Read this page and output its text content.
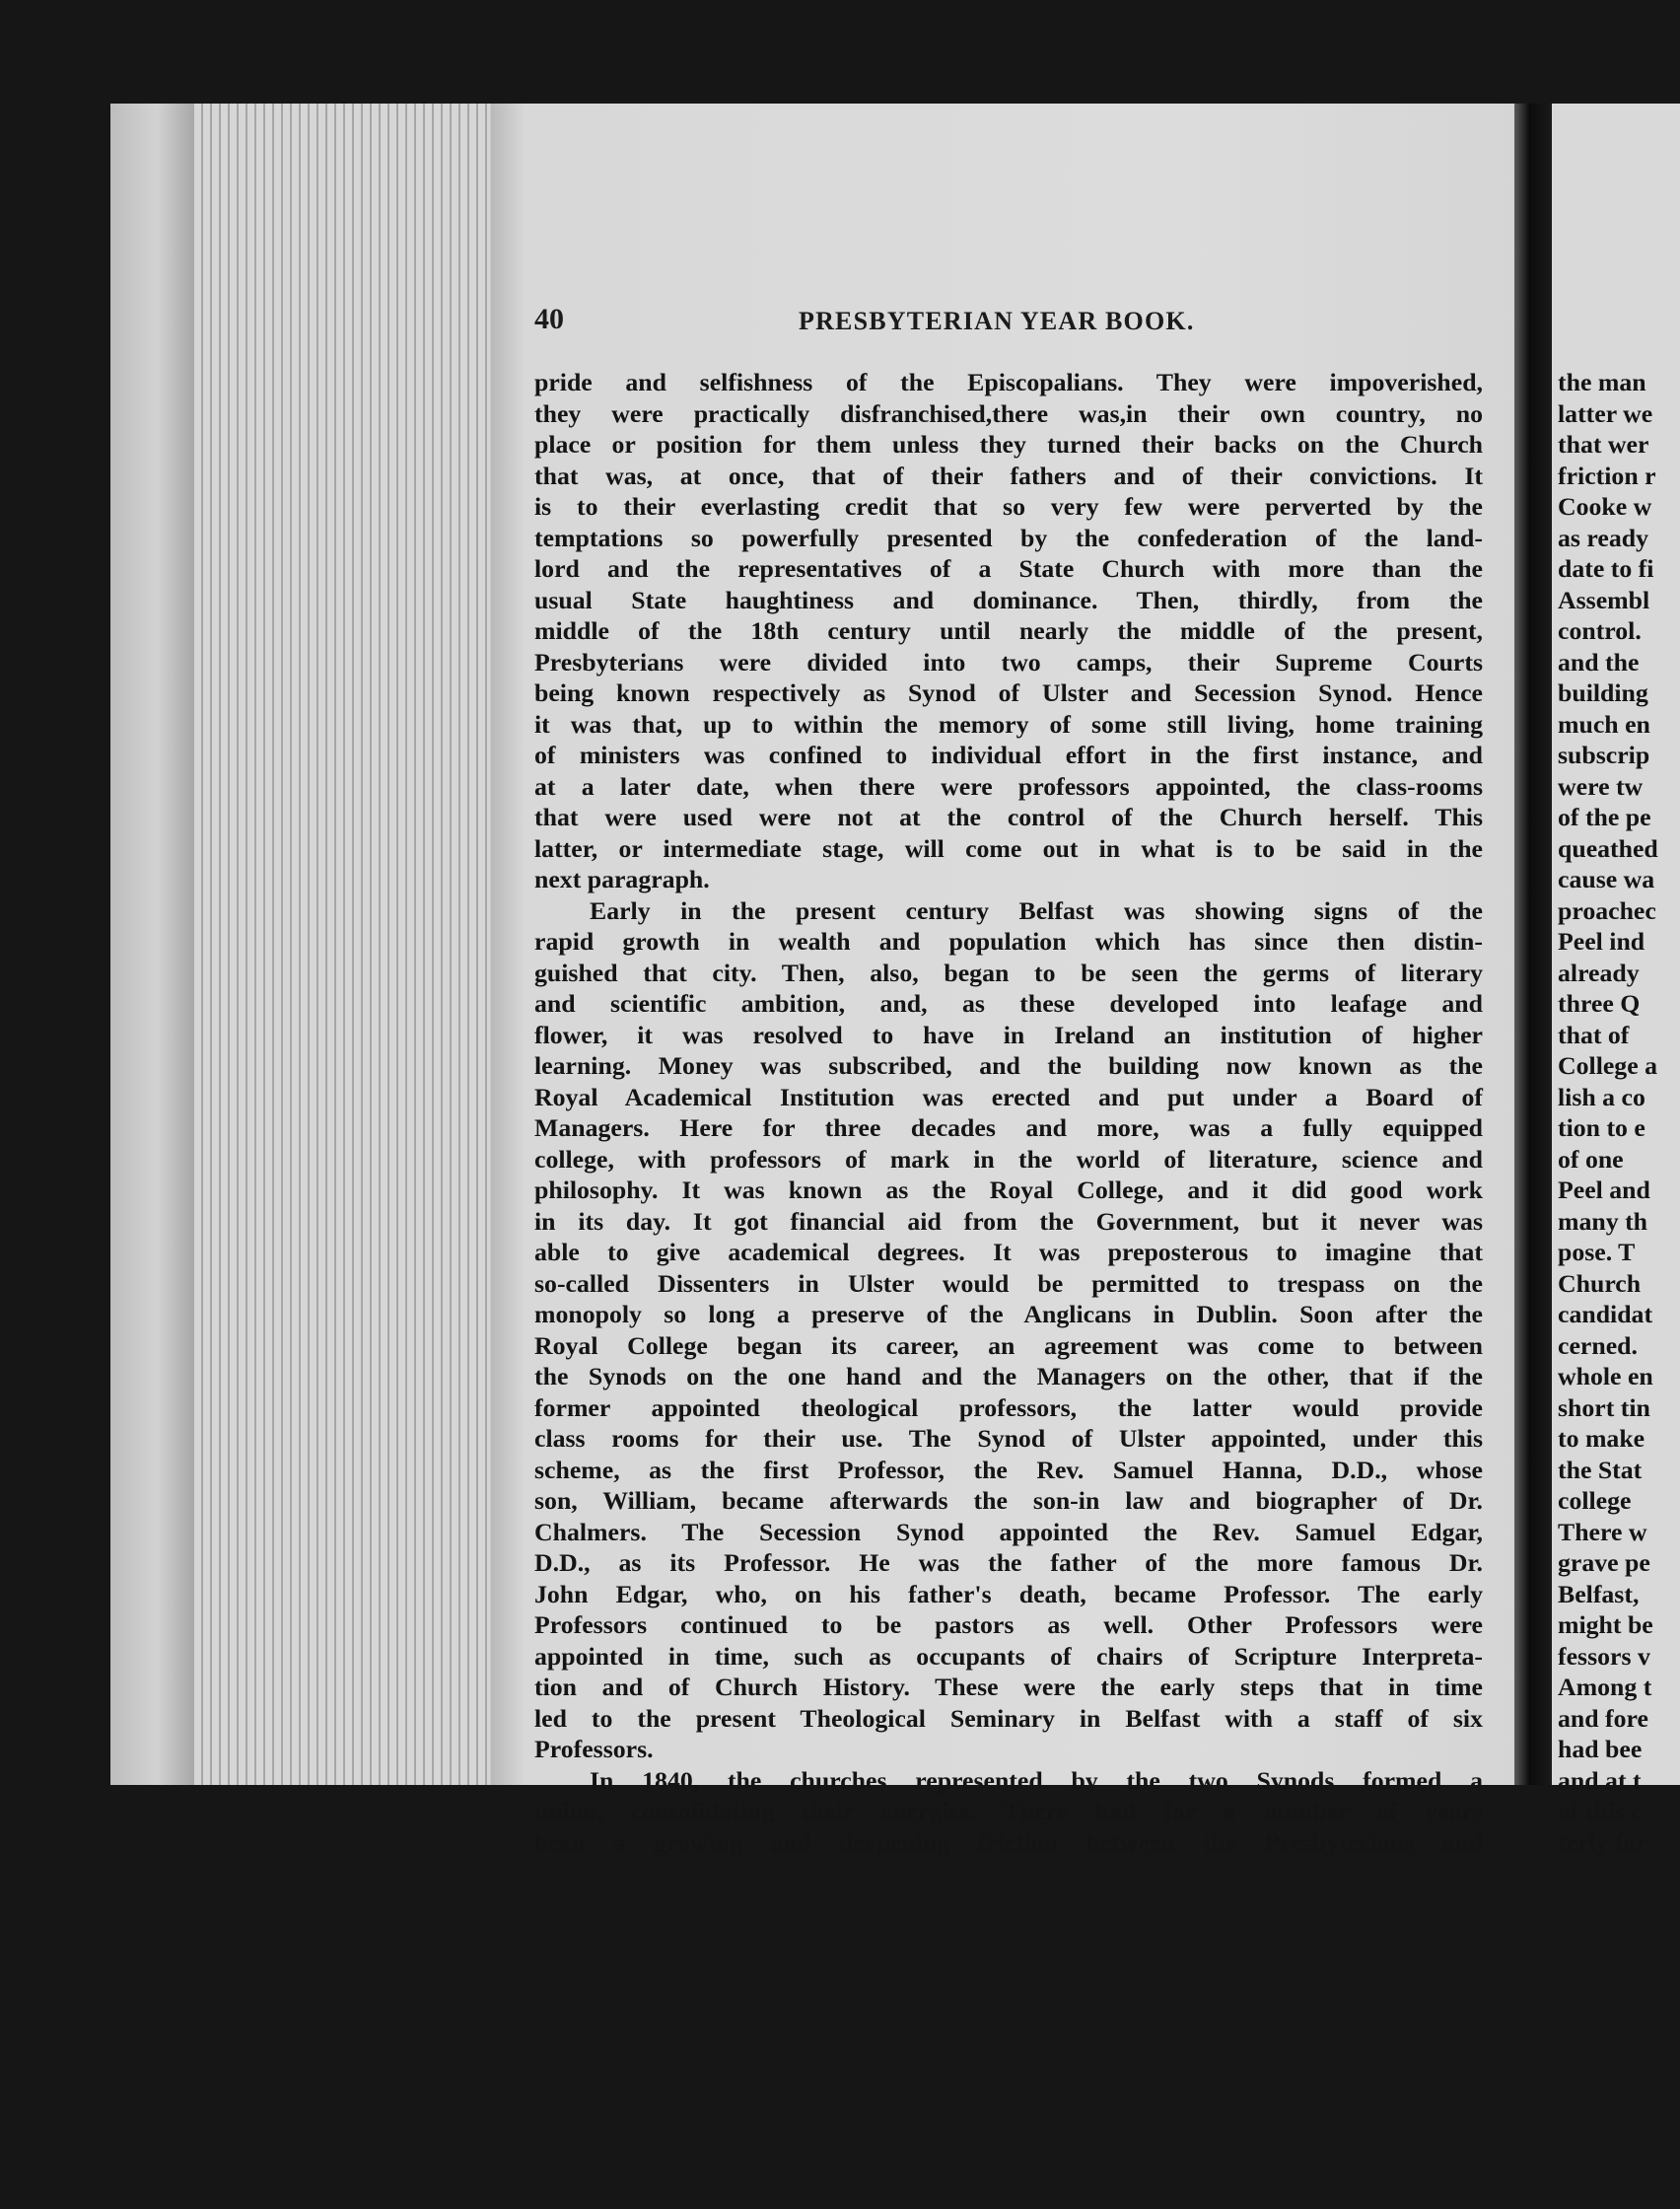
40	PRESBYTERIAN YEAR BOOK.
pride and selfishness of the Episcopalians. They were impoverished,
they were practically disfranchised,there was,in their own country, no
place or position for them unless they turned their backs on the Church
that was, at once, that of their fathers and of their convictions. It
is to their everlasting credit that so very few were perverted by the
temptations so powerfully presented by the confederation of the land-
lord and the representatives of a State Church with more than the
usual State haughtiness and dominance. Then, thirdly, from the
middle of the 18th century until nearly the middle of the present,
Presbyterians were divided into two camps, their Supreme Courts
being known respectively as Synod of Ulster and Secession Synod. Hence
it was that, up to within the memory of some still living, home training
of ministers was confined to individual effort in the first instance, and
at a later date, when there were professors appointed, the class-rooms
that were used were not at the control of the Church herself. This
latter, or intermediate stage, will come out in what is to be said in the
next paragraph.
Early in the present century Belfast was showing signs of the
rapid growth in wealth and population which has since then distin-
guished that city. Then, also, began to be seen the germs of literary
and scientific ambition, and, as these developed into leafage and
flower, it was resolved to have in Ireland an institution of higher
learning. Money was subscribed, and the building now known as the
Royal Academical Institution was erected and put under a Board of
Managers. Here for three decades and more, was a fully equipped
college, with professors of mark in the world of literature, science and
philosophy. It was known as the Royal College, and it did good work
in its day. It got financial aid from the Government, but it never was
able to give academical degrees. It was preposterous to imagine that
so-called Dissenters in Ulster would be permitted to trespass on the
monopoly so long a preserve of the Anglicans in Dublin. Soon after the
Royal College began its career, an agreement was come to between
the Synods on the one hand and the Managers on the other, that if the
former appointed theological professors, the latter would provide
class rooms for their use. The Synod of Ulster appointed, under this
scheme, as the first Professor, the Rev. Samuel Hanna, D.D., whose
son, William, became afterwards the son-in law and biographer of Dr.
Chalmers. The Secession Synod appointed the Rev. Samuel Edgar,
D.D., as its Professor. He was the father of the more famous Dr.
John Edgar, who, on his father's death, became Professor. The early
Professors continued to be pastors as well. Other Professors were
appointed in time, such as occupants of chairs of Scripture Interpreta-
tion and of Church History. These were the early steps that in time
led to the present Theological Seminary in Belfast with a staff of six
Professors.
In 1840, the churches represented by the two Synods formed a
union, consolidating their energies. There had for a number of years
been a growing and deepening friction between the Presbyterians and
the man
latter we
that wer
friction r
Cooke w
as ready
date to fi
Assembl
control.
and the
building
much en
subscrip
were tw
of the pe
queathed
cause wa
proachec
Peel ind
already
three Q
that of
College a
lish a co
tion to e
of one
Peel and
many th
pose. T
Church
candidat
cerned.
whole en
short tin
to make
the Stat
college
There w
grave pe
Belfast,
might be
fessors v
Among t
and fore
had bee
and at t
of this c
terly for
